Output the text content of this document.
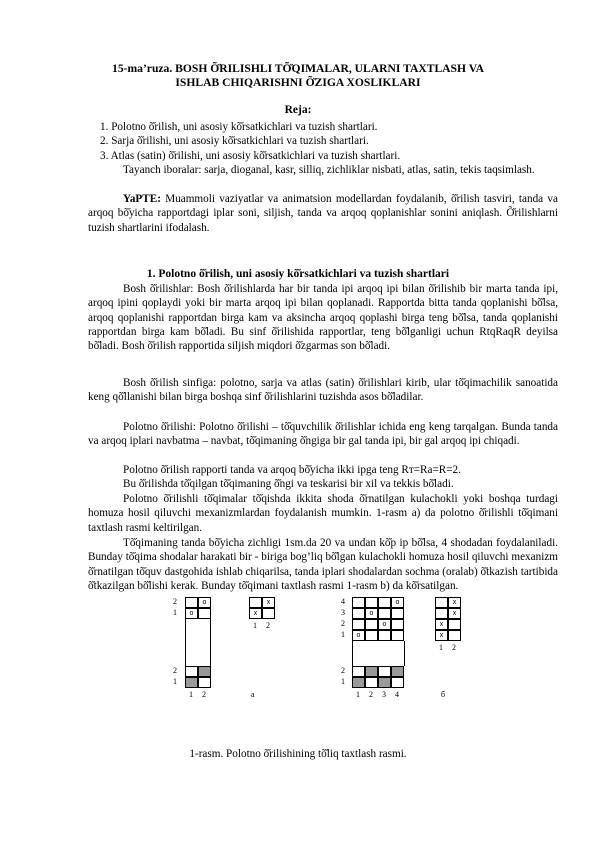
15-ma’ruza. BOSH Õ̆RILISHLI TÕ̆QIMALAR, ULARNI TAXTLASH VA
ISHLAB CHIQARISHNI Õ̆ZIGA XOSLIKLARI
Reja:
1. Polotno õ̆rilish, uni asosiy kõ̆rsatkichlari va tuzish shartlari.
2. Sarja õ̆rilishi, uni asosiy kõ̆rsatkichlari va tuzish shartlari.
3. Atlas (satin) õ̆rilishi, uni asosiy kõ̆rsatkichlari va tuzish shartlari.
Tayanch iboralar: sarja, dioganal, kasr, silliq, zichliklar nisbati, atlas, satin, tekis taqsimlash.
YaPTE: Muammoli vaziyatlar va animatsion modellardan foydalanib, õ̆rilish tasviri, tanda va arqoq bõ̆yicha rapportdagi iplar soni, siljish, tanda va arqoq qoplanishlar sonini aniqlash. Õ̆rilishlarni tuzish shartlarini ifodalash.
1. Polotno õ̆rilish, uni asosiy kõ̆rsatkichlari va tuzish shartlari
Bosh õ̆rilishlar: Bosh õ̆rilishlarda har bir tanda ipi arqoq ipi bilan õ̆rilishib bir marta tanda ipi, arqoq ipini qoplaydi yoki bir marta arqoq ipi bilan qoplanadi. Rapportda bitta tanda qoplanishi bõ̆lsa, arqoq qoplanishi rapportdan birga kam va aksincha arqoq qoplashi birga teng bõ̆lsa, tanda qoplanishi rapportdan birga kam bõ̆ladi. Bu sinf õ̆rilishida rapportlar, teng bõ̆lganligi uchun RtqRaqR deyilsa bõ̆ladi. Bosh õ̆rilish rapportida siljish miqdori õ̆zgarmas son bõ̆ladi.
Bosh õ̆rilish sinfiga: polotno, sarja va atlas (satin) õ̆rilishlari kirib, ular tõ̆qimachilik sanoatida keng qõ̆llanishi bilan birga boshqa sinf õ̆rilishlarini tuzishda asos bõ̆ladilar.
Polotno õ̆rilishi: Polotno õ̆rilishi – tõ̆quvchilik õ̆rilishlar ichida eng keng tarqalgan. Bunda tanda va arqoq iplari navbatma – navbat, tõ̆qimaning õ̆ngiga bir gal tanda ipi, bir gal arqoq ipi chiqadi.
Polotno õ̆rilish rapporti tanda va arqoq bõ̆yicha ikki ipga teng Rт=Ra=R=2.
Bu õ̆rilishda tõ̆qilgan tõ̆qimaning õ̆ngi va teskarisi bir xil va tekkis bõ̆ladi.
Polotno õ̆rilishli tõ̆qimalar tõ̆qishda ikkita shoda õ̆rnatilgan kulachokli yoki boshqa turdagi homuza hosil qiluvchi mexanizmlardan foydalanish mumkin. 1-rasm a) da polotno õ̆rilishli tõ̆qimani taxtlash rasmi keltirilgan.
Tõ̆qimaning tanda bõ̆yicha zichligi 1sm.da 20 va undan kõ̆p ip bõ̆lsa, 4 shodadan foydalaniladi. Bunday tõ̆qima shodalar harakati bir - biriga bog’liq bõ̆lgan kulachokli homuza hosil qiluvchi mexanizm õ̆rnatilgan tõ̆quv dastgohida ishlab chiqarilsa, tanda iplari shodalardan sochma (oralab) õ̆tkazish tartibida õ̆tkazilgan bõ̆lishi kerak. Bunday tõ̆qimani taxtlash rasmi 1-rasm b) da kõ̆rsatilgan.
2
1
o
o
x
x
1 2
2
1
1 2	a
4
3
2
1
o
o
o
o
x
x
x
x
1 2
2
1
1 2 3 4	б
1-rasm. Polotno õ̆rilishining tõ̆liq taxtlash rasmi.
